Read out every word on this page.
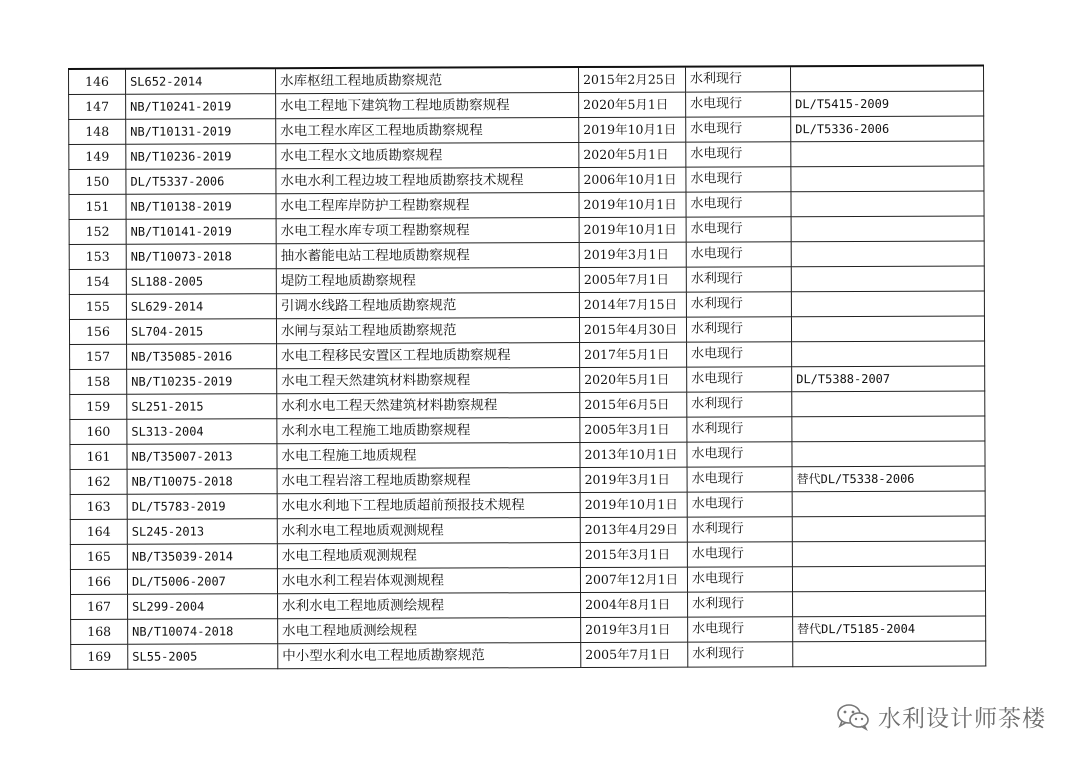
146	SL652-2014	水库枢纽工程地质勘察规范	2015年2月25日	水利现行	
147	NB/T10241-2019	水电工程地下建筑物工程地质勘察规程	2020年5月1日	水电现行	DL/T5415-2009
148	NB/T10131-2019	水电工程水库区工程地质勘察规程	2019年10月1日	水电现行	DL/T5336-2006
149	NB/T10236-2019	水电工程水文地质勘察规程	2020年5月1日	水电现行	
150	DL/T5337-2006	水电水利工程边坡工程地质勘察技术规程	2006年10月1日	水电现行	
151	NB/T10138-2019	水电工程库岸防护工程勘察规程	2019年10月1日	水电现行	
152	NB/T10141-2019	水电工程水库专项工程勘察规程	2019年10月1日	水电现行	
153	NB/T10073-2018	抽水蓄能电站工程地质勘察规程	2019年3月1日	水电现行	
154	SL188-2005	堤防工程地质勘察规程	2005年7月1日	水利现行	
155	SL629-2014	引调水线路工程地质勘察规范	2014年7月15日	水利现行	
156	SL704-2015	水闸与泵站工程地质勘察规范	2015年4月30日	水利现行	
157	NB/T35085-2016	水电工程移民安置区工程地质勘察规程	2017年5月1日	水电现行	
158	NB/T10235-2019	水电工程天然建筑材料勘察规程	2020年5月1日	水电现行	DL/T5388-2007
159	SL251-2015	水利水电工程天然建筑材料勘察规程	2015年6月5日	水利现行	
160	SL313-2004	水利水电工程施工地质勘察规程	2005年3月1日	水利现行	
161	NB/T35007-2013	水电工程施工地质规程	2013年10月1日	水电现行	
162	NB/T10075-2018	水电工程岩溶工程地质勘察规程	2019年3月1日	水电现行	替代DL/T5338-2006
163	DL/T5783-2019	水电水利地下工程地质超前预报技术规程	2019年10月1日	水电现行	
164	SL245-2013	水利水电工程地质观测规程	2013年4月29日	水利现行	
165	NB/T35039-2014	水电工程地质观测规程	2015年3月1日	水电现行	
166	DL/T5006-2007	水电水利工程岩体观测规程	2007年12月1日	水电现行	
167	SL299-2004	水利水电工程地质测绘规程	2004年8月1日	水利现行	
168	NB/T10074-2018	水电工程地质测绘规程	2019年3月1日	水电现行	替代DL/T5185-2004
169	SL55-2005	中小型水利水电工程地质勘察规范	2005年7月1日	水利现行	
水利设计师茶楼
